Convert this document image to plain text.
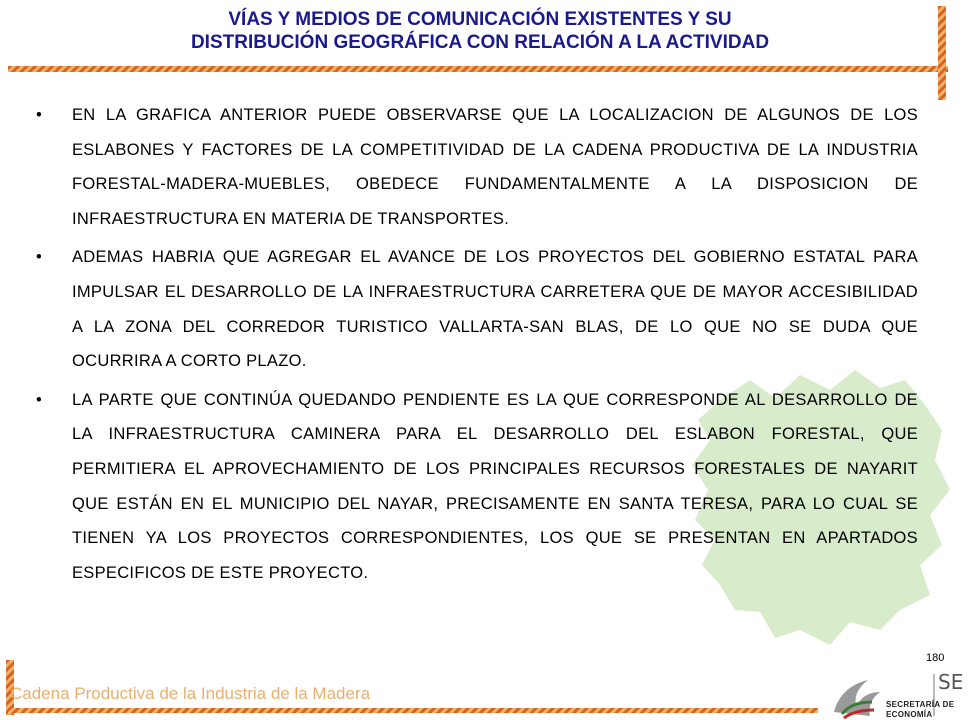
VÍAS Y MEDIOS DE COMUNICACIÓN EXISTENTES Y SU
DISTRIBUCIÓN GEOGRÁFICA CON RELACIÓN A LA ACTIVIDAD
• EN LA GRAFICA ANTERIOR PUEDE OBSERVARSE QUE LA LOCALIZACION DE ALGUNOS DE LOS ESLABONES Y FACTORES DE LA COMPETITIVIDAD DE LA CADENA PRODUCTIVA DE LA INDUSTRIA FORESTAL-MADERA-MUEBLES, OBEDECE FUNDAMENTALMENTE A LA DISPOSICION DE INFRAESTRUCTURA EN MATERIA DE TRANSPORTES.
• ADEMAS HABRIA QUE AGREGAR EL AVANCE DE LOS PROYECTOS DEL GOBIERNO ESTATAL PARA IMPULSAR EL DESARROLLO DE LA INFRAESTRUCTURA CARRETERA QUE DE MAYOR ACCESIBILIDAD A LA ZONA DEL CORREDOR TURISTICO VALLARTA-SAN BLAS, DE LO QUE NO SE DUDA QUE OCURRIRA A CORTO PLAZO.
• LA PARTE QUE CONTINÚA QUEDANDO PENDIENTE ES LA QUE CORRESPONDE AL DESARROLLO DE LA INFRAESTRUCTURA CAMINERA PARA EL DESARROLLO DEL ESLABON FORESTAL, QUE PERMITIERA EL APROVECHAMIENTO DE LOS PRINCIPALES RECURSOS FORESTALES DE NAYARIT QUE ESTÁN EN EL MUNICIPIO DEL NAYAR, PRECISAMENTE EN SANTA TERESA, PARA LO CUAL SE TIENEN YA LOS PROYECTOS CORRESPONDIENTES, LOS QUE SE PRESENTAN EN APARTADOS ESPECIFICOS DE ESTE PROYECTO.
180
Cadena Productiva de la Industria de la Madera
SECRETARÍA DE
ECONOMÍA
SE
